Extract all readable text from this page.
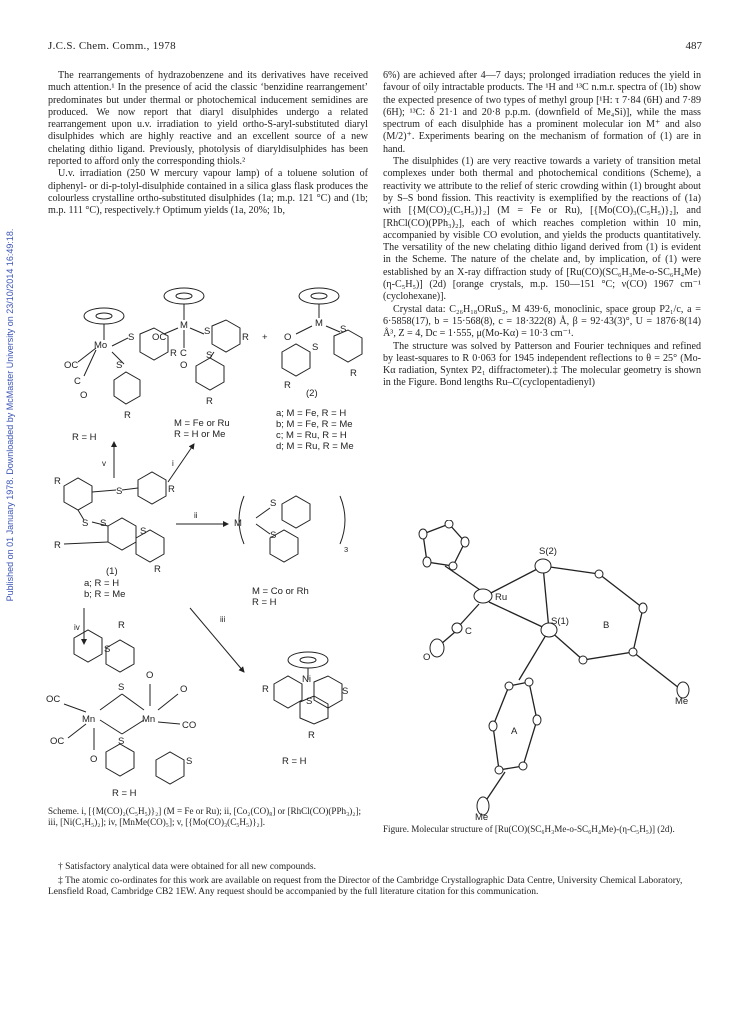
J.C.S. Chem. Comm., 1978	487
Published on 01 January 1978. Downloaded by McMaster University on 23/10/2014 16:49:18.

The rearrangements of hydrazobenzene and its derivatives have received much attention.¹ In the presence of acid the classic ‘benzidine rearrangement’ predominates but under thermal or photochemical inducement semidines are produced. We now report that diaryl disulphides undergo a related rearrangement upon u.v. irradiation to yield ortho-S-aryl-substituted diaryl disulphides which are highly reactive and an excellent source of a new chelating dithio ligand. Previously, photolysis of diaryldisulphides has been reported to afford only the corresponding thiols.²

U.v. irradiation (250 W mercury vapour lamp) of a toluene solution of diphenyl- or di-p-tolyl-disulphide contained in a silica glass flask produces the colourless crystalline ortho-substituted disulphides (1a; m.p. 121 °C) and (1b; m.p. 111 °C), respectively.† Optimum yields (1a, 20%; 1b,

6%) are achieved after 4—7 days; prolonged irradiation reduces the yield in favour of oily intractable products. The ¹H and ¹³C n.m.r. spectra of (1b) show the expected presence of two types of methyl group [¹H: τ 7·84 (6H) and 7·89 (6H); ¹³C: δ 21·1 and 20·8 p.p.m. (downfield of Me₄Si)], while the mass spectrum of each disulphide has a prominent molecular ion M⁺ and also (M/2)⁺. Experiments bearing on the mechanism of formation of (1) are in hand.

The disulphides (1) are very reactive towards a variety of transition metal complexes under both thermal and photochemical conditions (Scheme), a reactivity we attribute to the relief of steric crowding within (1) brought about by S–S bond fission. This reactivity is exemplified by the reactions of (1a) with [{M(CO)₂(C₅H₅)}₂] (M = Fe or Ru), [{Mo(CO)₃(C₅H₅)}₂], and [RhCl(CO)(PPh₃)₂], each of which reaches completion within 10 min, accompanied by visible CO evolution, and yields the products quantitatively. The versatility of the new chelating dithio ligand derived from (1) is evident in the Scheme. The nature of the chelate and, by implication, of (1) were established by an X-ray diffraction study of [Ru(CO)(SC₆H₃Me-o-SC₆H₄Me)(η-C₅H₅)] (2d) [orange crystals, m.p. 150—151 °C; ν(CO) 1967 cm⁻¹ (cyclohexane)].

Crystal data: C₂₆H₁₈ORuS₂, M 439·6, monoclinic, space group P2₁/c, a = 6·5858(17), b = 15·568(8), c = 18·322(8) Å, β = 92·43(3)°, U = 1876·8(14) Å³, Z = 4, Dc = 1·555, μ(Mo-Kα) = 10·3 cm⁻¹.

The structure was solved by Patterson and Fourier techniques and refined by least-squares to R 0·063 for 1945 independent reflections to θ = 25° (Mo-Kα radiation, Syntex P2₁ diffractometer).‡ The molecular geometry is shown in the Figure. Bond lengths Ru–C(cyclopentadienyl)

Mo
S
S
R
R
OC
C
O
R = H
M
OC
C
O
S
S
R
R
M = Fe or Ru
R = H or Me
+
M
O
S
S
R
R
(2)
a; M = Fe, R = H
b; M = Fe, R = Me
c; M = Ru, R = H
d; M = Ru, R = Me
v	i
ii
iv
iii
R
S	R
S S
R
S
R
(1)
a; R = H
b; R = Me
M
S
S
3
M = Co or Rh
R = H
R
S
Mn	Mn
S
S
OC
OC
O
O
O
CO
S
R = H
Ni
S
S
R
R
R = H
Scheme. i, [{M(CO)₂(C₅H₅)}₂] (M = Fe or Ru); ii, [Co₂(CO)₈] or [RhCl(CO)(PPh₃)₂]; iii, [Ni(C₅H₅)₂]; iv, [MnMe(CO)₅]; v, [{Mo(CO)₃(C₅H₅)}₂].
S(2)
S(1)
Ru
C
O
A
B
Me
Me
Figure. Molecular structure of [Ru(CO)(SC₆H₃Me-o-SC₆H₄Me)-(η-C₅H₅)] (2d).

† Satisfactory analytical data were obtained for all new compounds.

‡ The atomic co-ordinates for this work are available on request from the Director of the Cambridge Crystallographic Data Centre, University Chemical Laboratory, Lensfield Road, Cambridge CB2 1EW. Any request should be accompanied by the full literature citation for this communication.
